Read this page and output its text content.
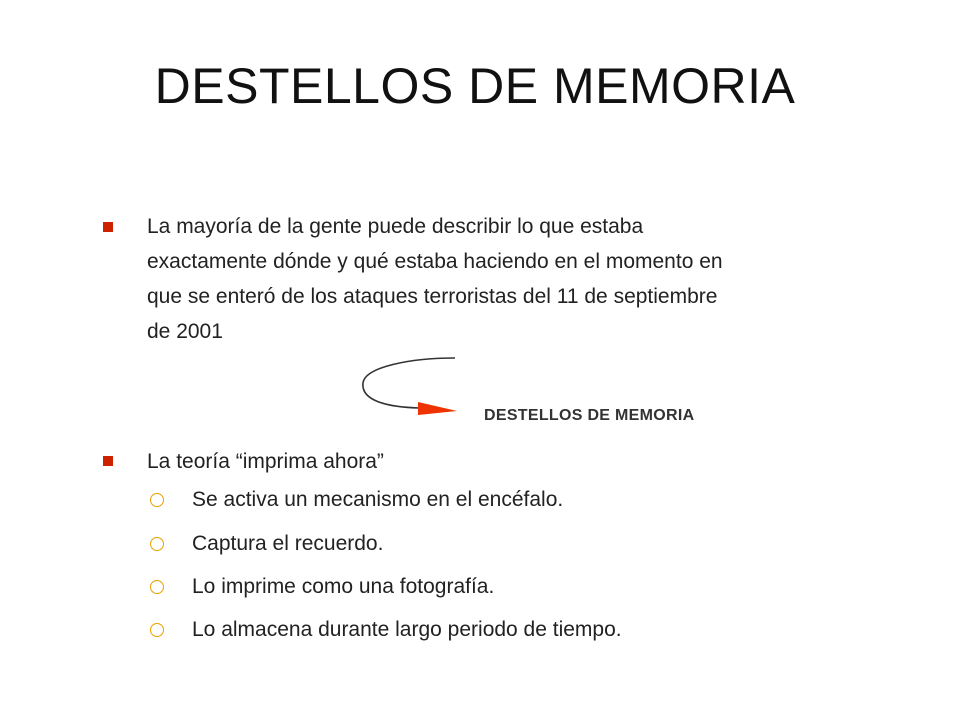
DESTELLOS DE MEMORIA
La mayoría de la gente puede describir lo que estaba
exactamente dónde y qué estaba haciendo en el momento en
que se enteró de los ataques terroristas del 11 de septiembre
de 2001
DESTELLOS DE MEMORIA
La teoría “imprima ahora”
Se activa un mecanismo en el encéfalo.
Captura el recuerdo.
Lo imprime como una fotografía.
Lo almacena durante largo periodo de tiempo.
